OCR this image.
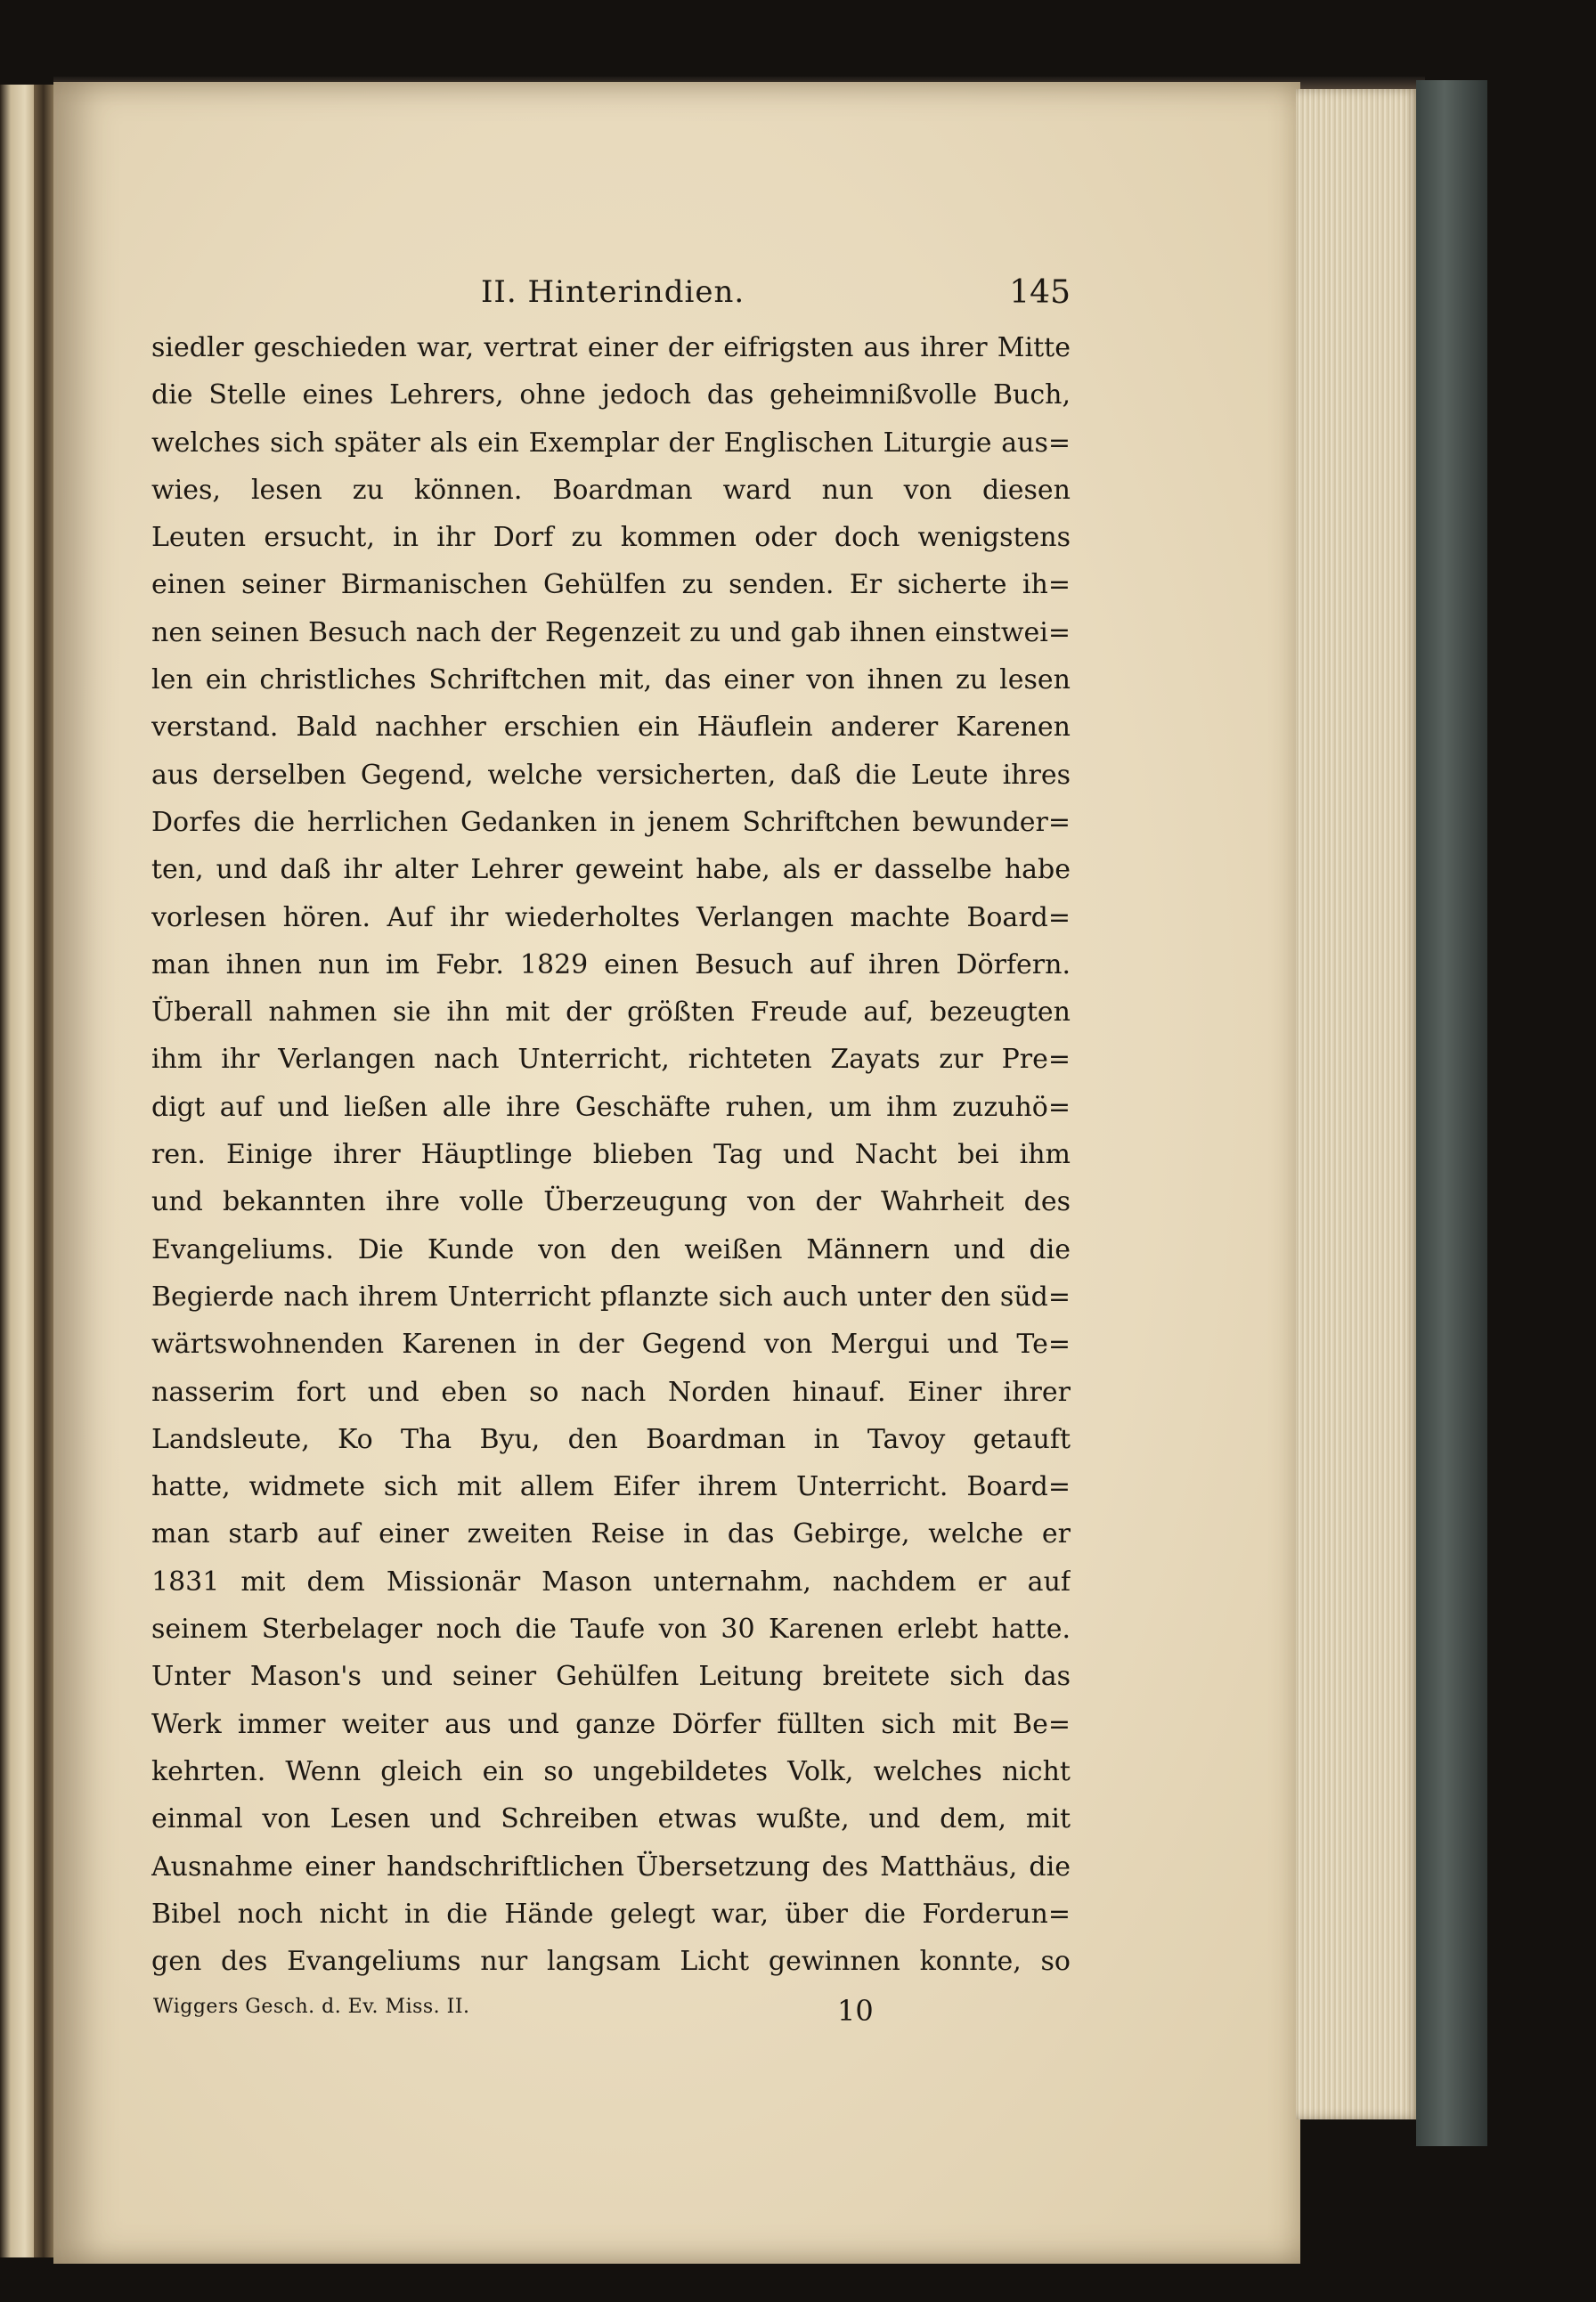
II. Hinterindien.	145
siedler geschieden war, vertrat einer der eifrigsten aus ihrer Mitte
die Stelle eines Lehrers, ohne jedoch das geheimnißvolle Buch,
welches sich später als ein Exemplar der Englischen Liturgie aus=
wies, lesen zu können. Boardman ward nun von diesen
Leuten ersucht, in ihr Dorf zu kommen oder doch wenigstens
einen seiner Birmanischen Gehülfen zu senden. Er sicherte ih=
nen seinen Besuch nach der Regenzeit zu und gab ihnen einstwei=
len ein christliches Schriftchen mit, das einer von ihnen zu lesen
verstand. Bald nachher erschien ein Häuflein anderer Karenen
aus derselben Gegend, welche versicherten, daß die Leute ihres
Dorfes die herrlichen Gedanken in jenem Schriftchen bewunder=
ten, und daß ihr alter Lehrer geweint habe, als er dasselbe habe
vorlesen hören. Auf ihr wiederholtes Verlangen machte Board=
man ihnen nun im Febr. 1829 einen Besuch auf ihren Dörfern.
Überall nahmen sie ihn mit der größten Freude auf, bezeugten
ihm ihr Verlangen nach Unterricht, richteten Zayats zur Pre=
digt auf und ließen alle ihre Geschäfte ruhen, um ihm zuzuhö=
ren. Einige ihrer Häuptlinge blieben Tag und Nacht bei ihm
und bekannten ihre volle Überzeugung von der Wahrheit des
Evangeliums. Die Kunde von den weißen Männern und die
Begierde nach ihrem Unterricht pflanzte sich auch unter den süd=
wärtswohnenden Karenen in der Gegend von Mergui und Te=
nasserim fort und eben so nach Norden hinauf. Einer ihrer
Landsleute, Ko Tha Byu, den Boardman in Tavoy getauft
hatte, widmete sich mit allem Eifer ihrem Unterricht. Board=
man starb auf einer zweiten Reise in das Gebirge, welche er
1831 mit dem Missionär Mason unternahm, nachdem er auf
seinem Sterbelager noch die Taufe von 30 Karenen erlebt hatte.
Unter Mason's und seiner Gehülfen Leitung breitete sich das
Werk immer weiter aus und ganze Dörfer füllten sich mit Be=
kehrten. Wenn gleich ein so ungebildetes Volk, welches nicht
einmal von Lesen und Schreiben etwas wußte, und dem, mit
Ausnahme einer handschriftlichen Übersetzung des Matthäus, die
Bibel noch nicht in die Hände gelegt war, über die Forderun=
gen des Evangeliums nur langsam Licht gewinnen konnte, so
Wiggers Gesch. d. Ev. Miss. II.	10
